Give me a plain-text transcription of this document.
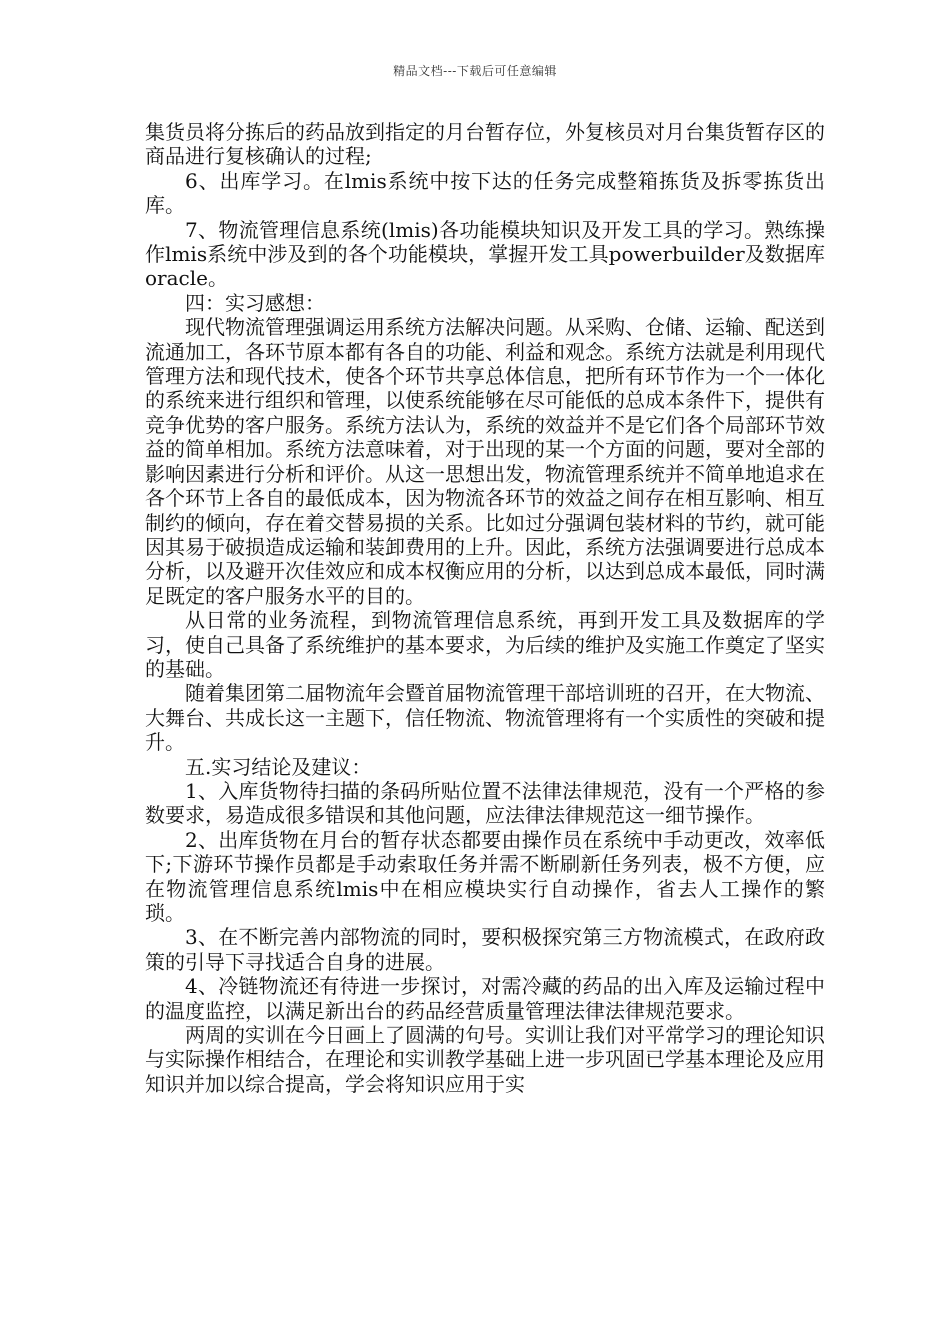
精品文档---下载后可任意编辑

集货员将分拣后的药品放到指定的月台暂存位，外复核员对月台集货暂存区的商品进行复核确认的过程;

6、出库学习。在lmis系统中按下达的任务完成整箱拣货及拆零拣货出库。

7、物流管理信息系统(lmis)各功能模块知识及开发工具的学习。熟练操作lmis系统中涉及到的各个功能模块，掌握开发工具powerbuilder及数据库oracle。

四：实习感想：

现代物流管理强调运用系统方法解决问题。从采购、仓储、运输、配送到流通加工，各环节原本都有各自的功能、利益和观念。系统方法就是利用现代管理方法和现代技术，使各个环节共享总体信息，把所有环节作为一个一体化的系统来进行组织和管理，以使系统能够在尽可能低的总成本条件下，提供有竞争优势的客户服务。系统方法认为，系统的效益并不是它们各个局部环节效益的简单相加。系统方法意味着，对于出现的某一个方面的问题，要对全部的影响因素进行分析和评价。从这一思想出发，物流管理系统并不简单地追求在各个环节上各自的最低成本，因为物流各环节的效益之间存在相互影响、相互制约的倾向，存在着交替易损的关系。比如过分强调包装材料的节约，就可能因其易于破损造成运输和装卸费用的上升。因此，系统方法强调要进行总成本分析，以及避开次佳效应和成本权衡应用的分析，以达到总成本最低，同时满足既定的客户服务水平的目的。

从日常的业务流程，到物流管理信息系统，再到开发工具及数据库的学习，使自己具备了系统维护的基本要求，为后续的维护及实施工作奠定了坚实的基础。

随着集团第二届物流年会暨首届物流管理干部培训班的召开，在大物流、大舞台、共成长这一主题下，信任物流、物流管理将有一个实质性的突破和提升。

五.实习结论及建议：

1、入库货物待扫描的条码所贴位置不法律法律规范，没有一个严格的参数要求，易造成很多错误和其他问题，应法律法律规范这一细节操作。

2、出库货物在月台的暂存状态都要由操作员在系统中手动更改，效率低下;下游环节操作员都是手动索取任务并需不断刷新任务列表，极不方便，应在物流管理信息系统lmis中在相应模块实行自动操作，省去人工操作的繁琐。

3、在不断完善内部物流的同时，要积极探究第三方物流模式，在政府政策的引导下寻找适合自身的进展。

4、冷链物流还有待进一步探讨，对需冷藏的药品的出入库及运输过程中的温度监控，以满足新出台的药品经营质量管理法律法律规范要求。

两周的实训在今日画上了圆满的句号。实训让我们对平常学习的理论知识与实际操作相结合，在理论和实训教学基础上进一步巩固已学基本理论及应用知识并加以综合提高，学会将知识应用于实
